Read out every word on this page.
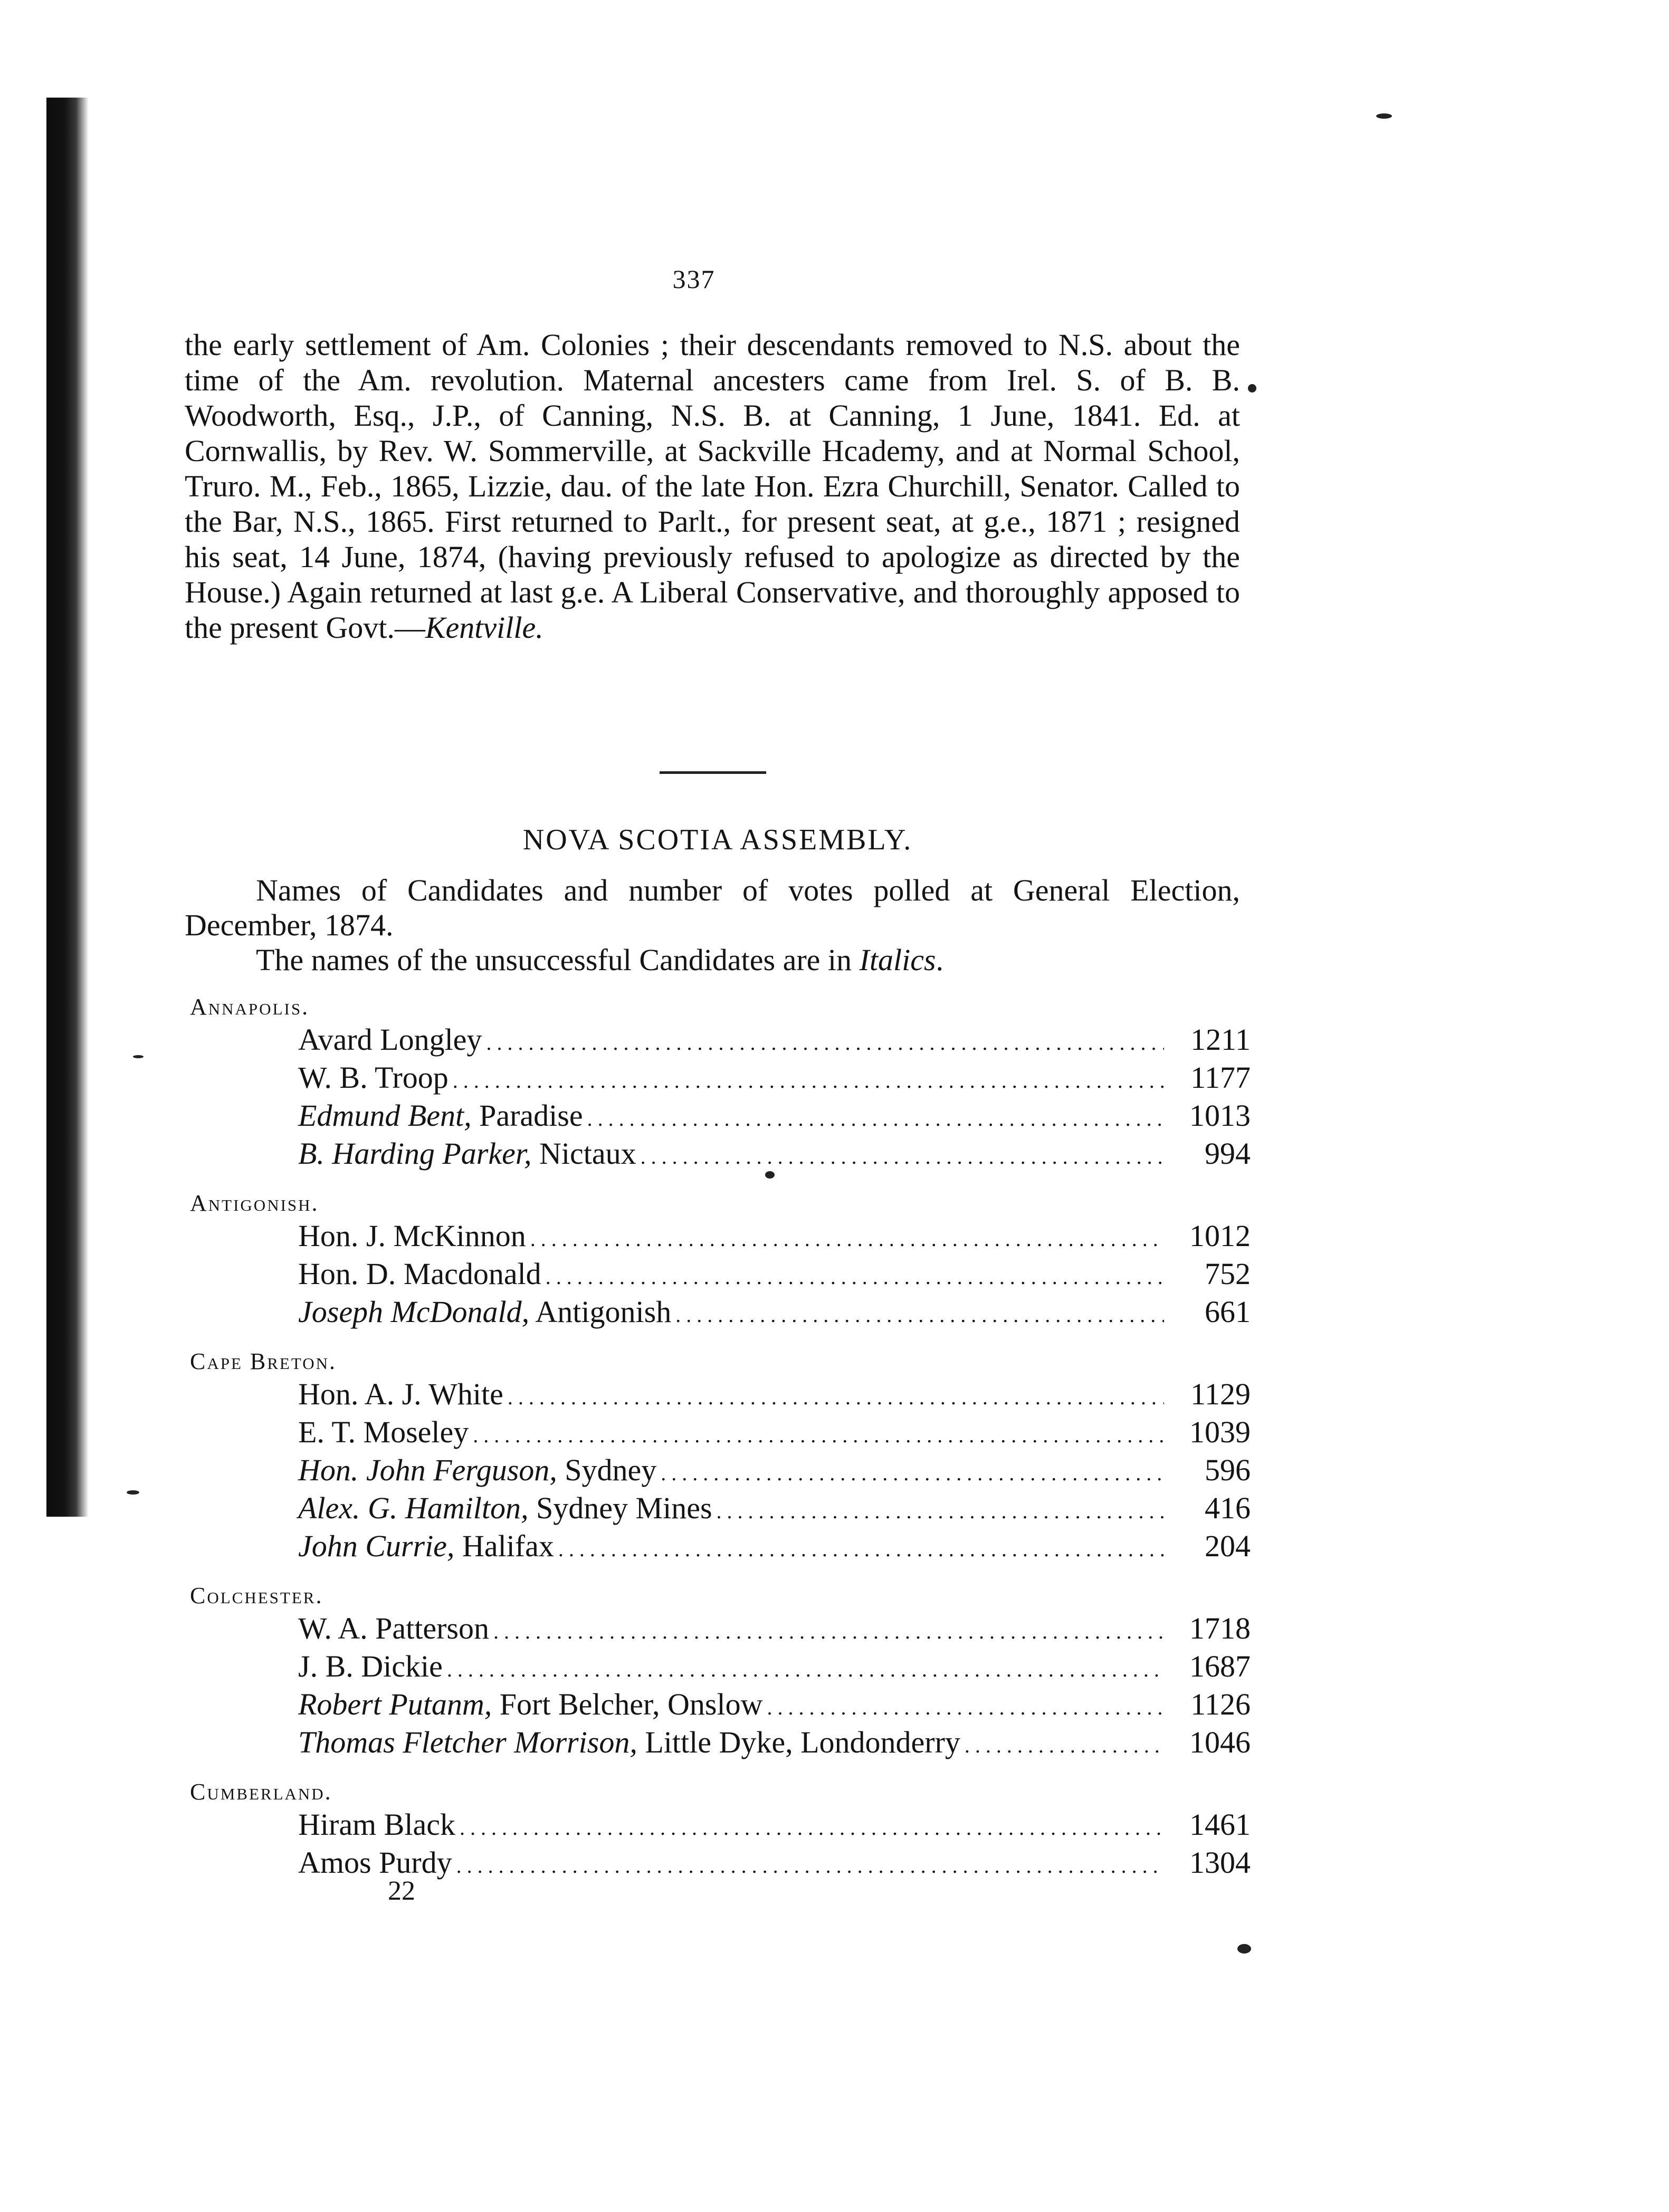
337

the early settlement of Am. Colonies ; their descendants removed to N.S. about the time of the Am. revolution. Maternal ancesters came from Irel. S. of B. B. Woodworth, Esq., J.P., of Canning, N.S. B. at Canning, 1 June, 1841. Ed. at Cornwallis, by Rev. W. Sommerville, at Sackville Hcademy, and at Normal School, Truro. M., Feb., 1865, Lizzie, dau. of the late Hon. Ezra Churchill, Senator. Called to the Bar, N.S., 1865. First returned to Parlt., for present seat, at g.e., 1871 ; resigned his seat, 14 June, 1874, (having previously refused to apologize as directed by the House.) Again returned at last g.e. A Liberal Conservative, and thoroughly apposed to the present Govt.—Kentville.

NOVA SCOTIA ASSEMBLY.

Names of Candidates and number of votes polled at General Election, December, 1874.

The names of the unsuccessful Candidates are in Italics.

Annapolis.
Avard Longley .....	1211
W. B. Troop .....	1177
Edmund Bent, Paradise .....	1013
B. Harding Parker, Nictaux .....	994
Antigonish.
Hon. J. McKinnon .....	1012
Hon. D. Macdonald .....	752
Joseph McDonald, Antigonish .....	661
Cape Breton.
Hon. A. J. White .....	1129
E. T. Moseley .....	1039
Hon. John Ferguson, Sydney .....	596
Alex. G. Hamilton, Sydney Mines .....	416
John Currie, Halifax .....	204
Colchester.
W. A. Patterson .....	1718
J. B. Dickie .....	1687
Robert Putanm, Fort Belcher, Onslow .....	1126
Thomas Fletcher Morrison, Little Dyke, Londonderry .....	1046
Cumberland.
Hiram Black .....	1461
Amos Purdy .....	1304
22
